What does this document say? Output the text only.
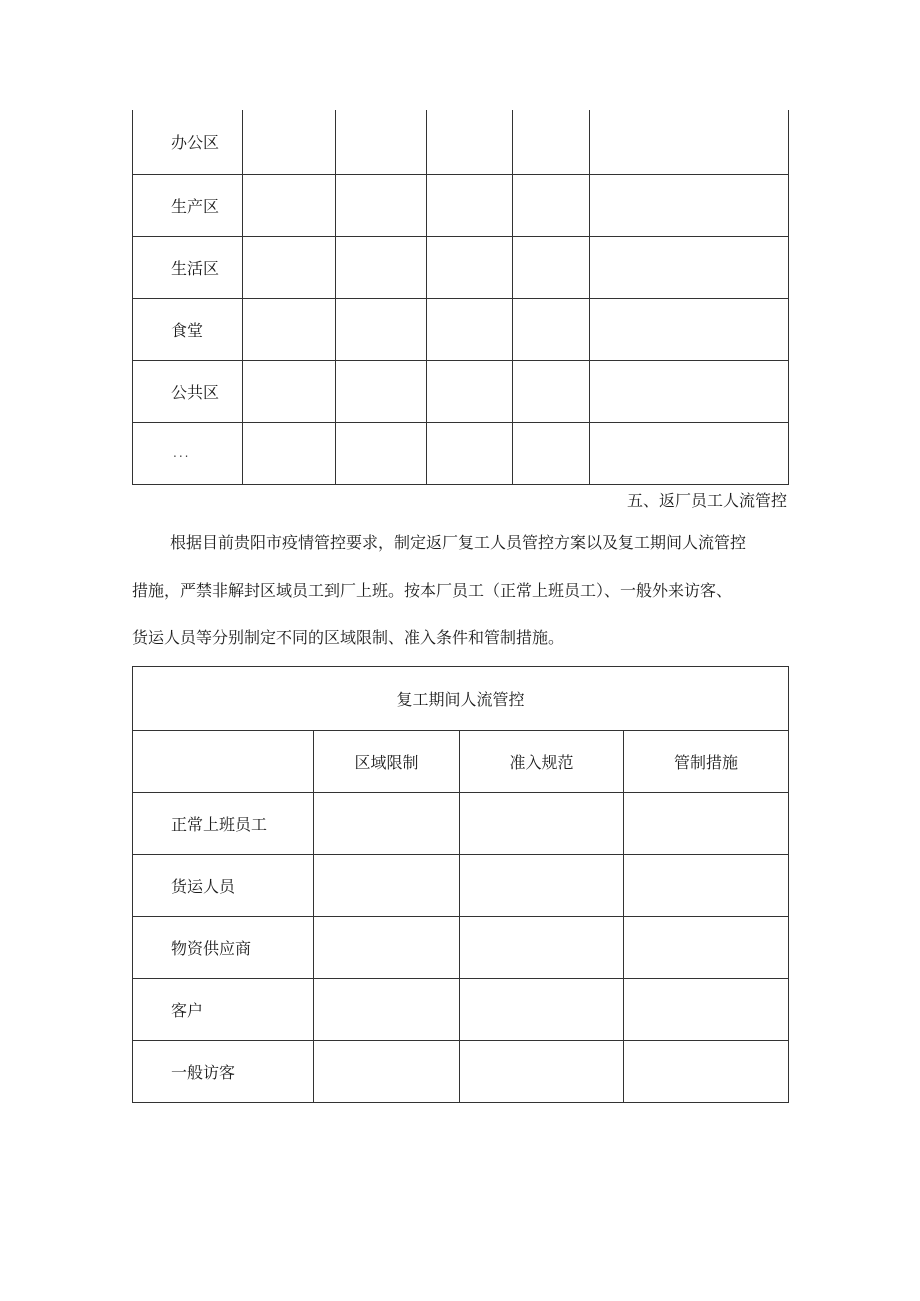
办公区					
生产区					
生活区					
食堂					
公共区					
...					
五、返厂员工人流管控
根据目前贵阳市疫情管控要求，制定返厂复工人员管控方案以及复工期间人流管控
措施，严禁非解封区域员工到厂上班。按本厂员工（正常上班员工）、一般外来访客、
货运人员等分别制定不同的区域限制、准入条件和管制措施。
复工期间人流管控			
	区域限制	准入规范	管制措施
正常上班员工			
货运人员			
物资供应商			
客户			
一般访客			
